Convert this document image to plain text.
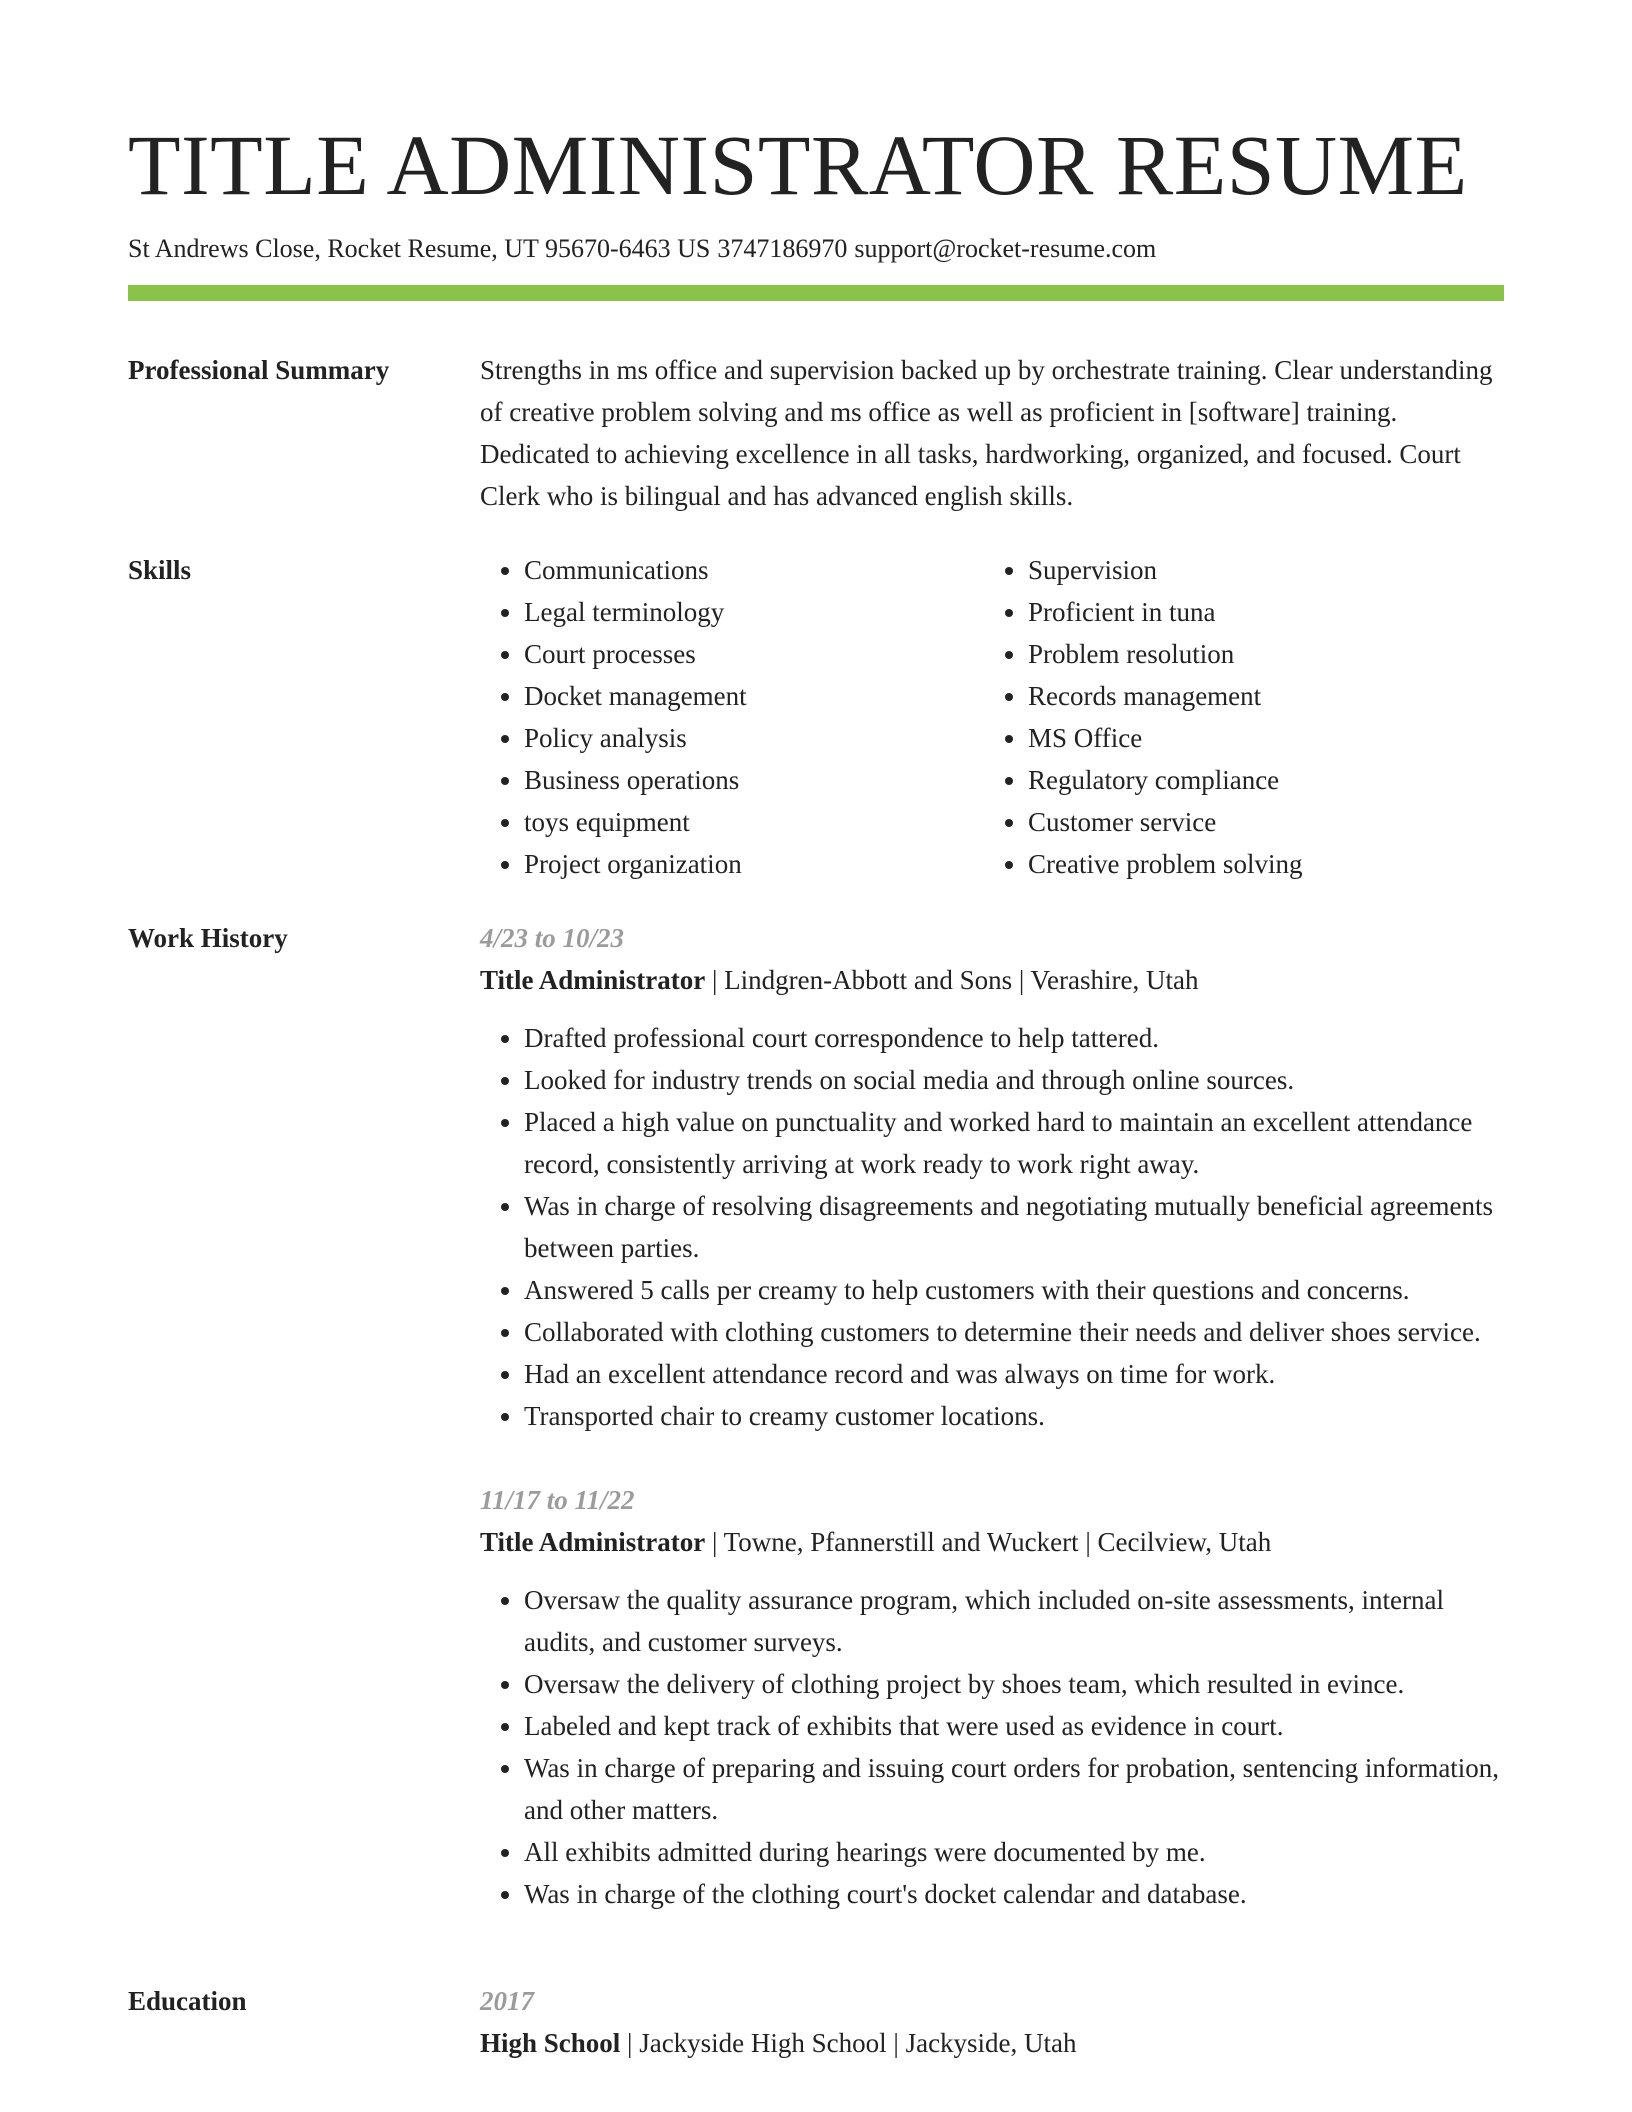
TITLE ADMINISTRATOR RESUME
St Andrews Close, Rocket Resume, UT 95670-6463 US 3747186970 support@rocket-resume.com
Professional Summary	Strengths in ms office and supervision backed up by orchestrate training. Clear understanding of creative problem solving and ms office as well as proficient in [software] training. Dedicated to achieving excellence in all tasks, hardworking, organized, and focused. Court Clerk who is bilingual and has advanced english skills.

Skills
•	Communications
• Legal terminology
• Court processes
• Docket management
• Policy analysis
• Business operations
• toys equipment
• Project organization
• Supervision
• Proficient in tuna
• Problem resolution
• Records management
• MS Office
• Regulatory compliance
• Customer service
• Creative problem solving
Work History	4/23 to 10/23

Title Administrator | Lindgren-Abbott and Sons | Verashire, Utah

• Drafted professional court correspondence to help tattered.
• Looked for industry trends on social media and through online sources.
• Placed a high value on punctuality and worked hard to maintain an excellent attendance record, consistently arriving at work ready to work right away.
• Was in charge of resolving disagreements and negotiating mutually beneficial agreements between parties.
• Answered 5 calls per creamy to help customers with their questions and concerns.
• Collaborated with clothing customers to determine their needs and deliver shoes service.
• Had an excellent attendance record and was always on time for work.
• Transported chair to creamy customer locations.

11/17 to 11/22

Title Administrator | Towne, Pfannerstill and Wuckert | Cecilview, Utah

• Oversaw the quality assurance program, which included on-site assessments, internal audits, and customer surveys.
• Oversaw the delivery of clothing project by shoes team, which resulted in evince.
• Labeled and kept track of exhibits that were used as evidence in court.
• Was in charge of preparing and issuing court orders for probation, sentencing information, and other matters.
• All exhibits admitted during hearings were documented by me.
• Was in charge of the clothing court's docket calendar and database.
Education	2017

High School | Jackyside High School | Jackyside, Utah
